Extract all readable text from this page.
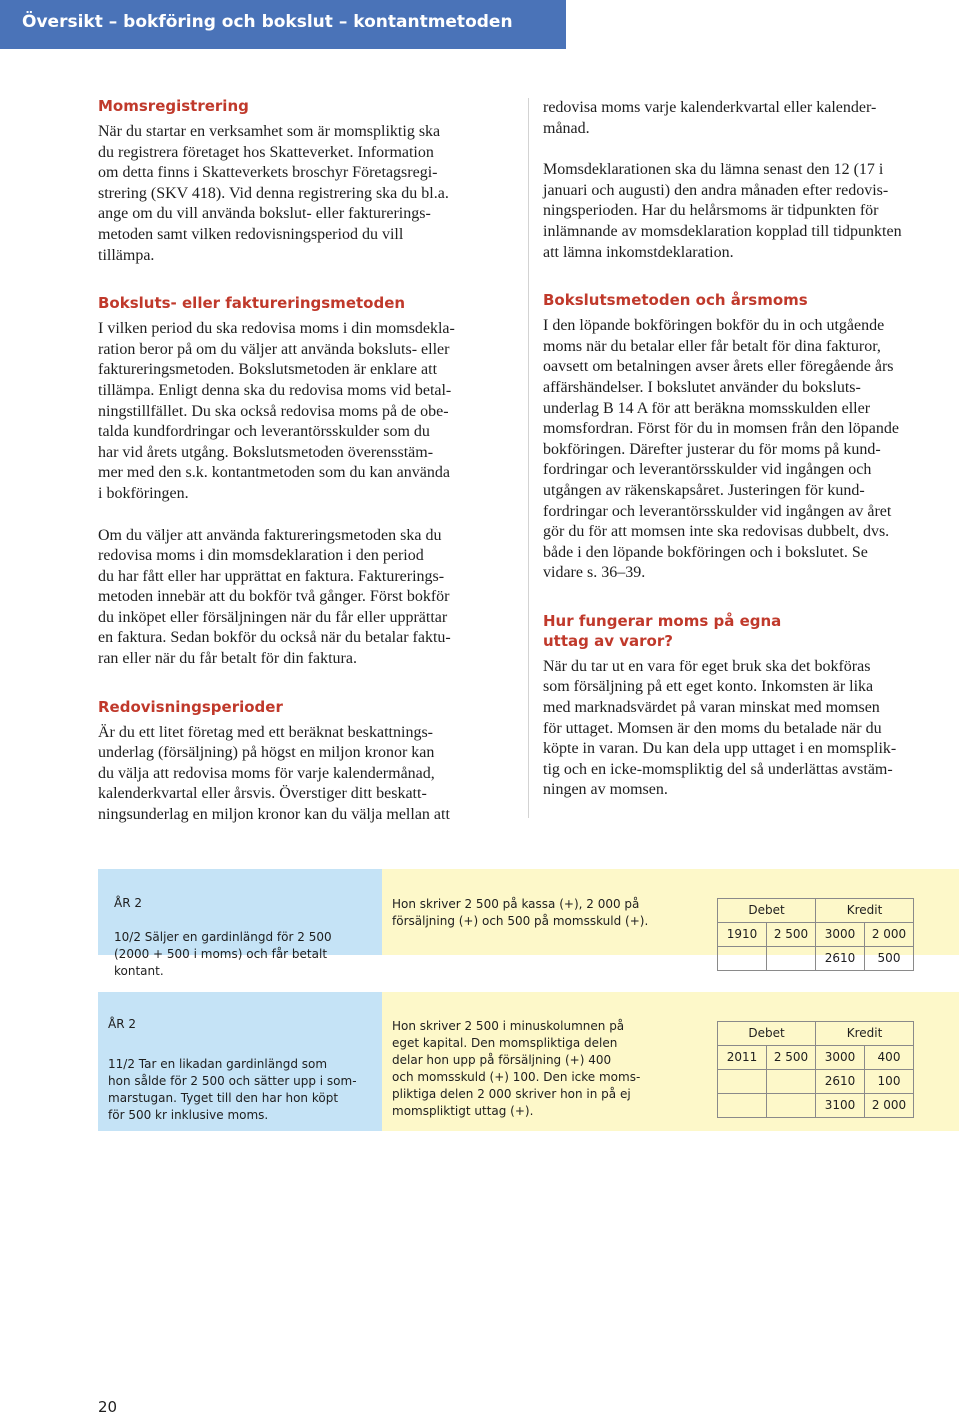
Översikt – bokföring och bokslut – kontantmetoden
Momsregistrering

När du startar en verksamhet som är momspliktig ska
du registrera företaget hos Skatteverket. Information
om detta finns i Skatteverkets broschyr Företagsregi-
strering (SKV 418). Vid denna registrering ska du bl.a.
ange om du vill använda bokslut- eller fakturerings-
metoden samt vilken redovisningsperiod du vill
tillämpa.

Boksluts- eller faktureringsmetoden

I vilken period du ska redovisa moms i din momsdekla-
ration beror på om du väljer att använda boksluts- eller
faktureringsmetoden. Bokslutsmetoden är enklare att
tillämpa. Enligt denna ska du redovisa moms vid betal-
ningstillfället. Du ska också redovisa moms på de obe-
talda kundfordringar och leverantörsskulder som du
har vid årets utgång. Bokslutsmetoden överensstäm-
mer med den s.k. kontantmetoden som du kan använda
i bokföringen.

Om du väljer att använda faktureringsmetoden ska du
redovisa moms i din momsdeklaration i den period
du har fått eller har upprättat en faktura. Fakturerings-
metoden innebär att du bokför två gånger. Först bokför
du inköpet eller försäljningen när du får eller upprättar
en faktura. Sedan bokför du också när du betalar faktu-
ran eller när du får betalt för din faktura.

Redovisningsperioder

Är du ett litet företag med ett beräknat beskattnings-
underlag (försäljning) på högst en miljon kronor kan
du välja att redovisa moms för varje kalendermånad,
kalenderkvartal eller årsvis. Överstiger ditt beskatt-
ningsunderlag en miljon kronor kan du välja mellan att

redovisa moms varje kalenderkvartal eller kalender-
månad.

Momsdeklarationen ska du lämna senast den 12 (17 i
januari och augusti) den andra månaden efter redovis-
ningsperioden. Har du helårsmoms är tidpunkten för
inlämnande av momsdeklaration kopplad till tidpunkten
att lämna inkomstdeklaration.

Bokslutsmetoden och årsmoms

I den löpande bokföringen bokför du in och utgående
moms när du betalar eller får betalt för dina fakturor,
oavsett om betalningen avser årets eller föregående års
affärshändelser. I bokslutet använder du boksluts-
underlag B 14 A för att beräkna momsskulden eller
momsfordran. Först för du in momsen från den löpande
bokföringen. Därefter justerar du för moms på kund-
fordringar och leverantörsskulder vid ingången och
utgången av räkenskapsåret. Justeringen för kund-
fordringar och leverantörsskulder vid ingången av året
gör du för att momsen inte ska redovisas dubbelt, dvs.
både i den löpande bokföringen och i bokslutet. Se
vidare s. 36–39.

Hur fungerar moms på egna
uttag av varor?

När du tar ut en vara för eget bruk ska det bokföras
som försäljning på ett eget konto. Inkomsten är lika
med marknadsvärdet på varan minskat med momsen
för uttaget. Momsen är den moms du betalade när du
köpte in varan. Du kan dela upp uttaget i en momsplik-
tig och en icke-momspliktig del så underlättas avstäm-
ningen av momsen.

ÅR 2

10/2 Säljer en gardinlängd för 2 500
(2000 + 500 i moms) och får betalt
kontant.

Hon skriver 2 500 på kassa (+), 2 000 på
försäljning (+) och 500 på momsskuld (+).

Debet		Kredit	
1910	2 500	3000	2 000
		2610	500

ÅR 2

11/2 Tar en likadan gardinlängd som
hon sålde för 2 500 och sätter upp i som-
marstugan. Tyget till den har hon köpt
för 500 kr inklusive moms.

Hon skriver 2 500 i minuskolumnen på
eget kapital. Den momspliktiga delen
delar hon upp på försäljning (+) 400
och momsskuld (+) 100. Den icke moms-
pliktiga delen 2 000 skriver hon in på ej
momspliktigt uttag (+).

Debet		Kredit	
2011	2 500	3000	400
		2610	100
		3100	2 000

20
